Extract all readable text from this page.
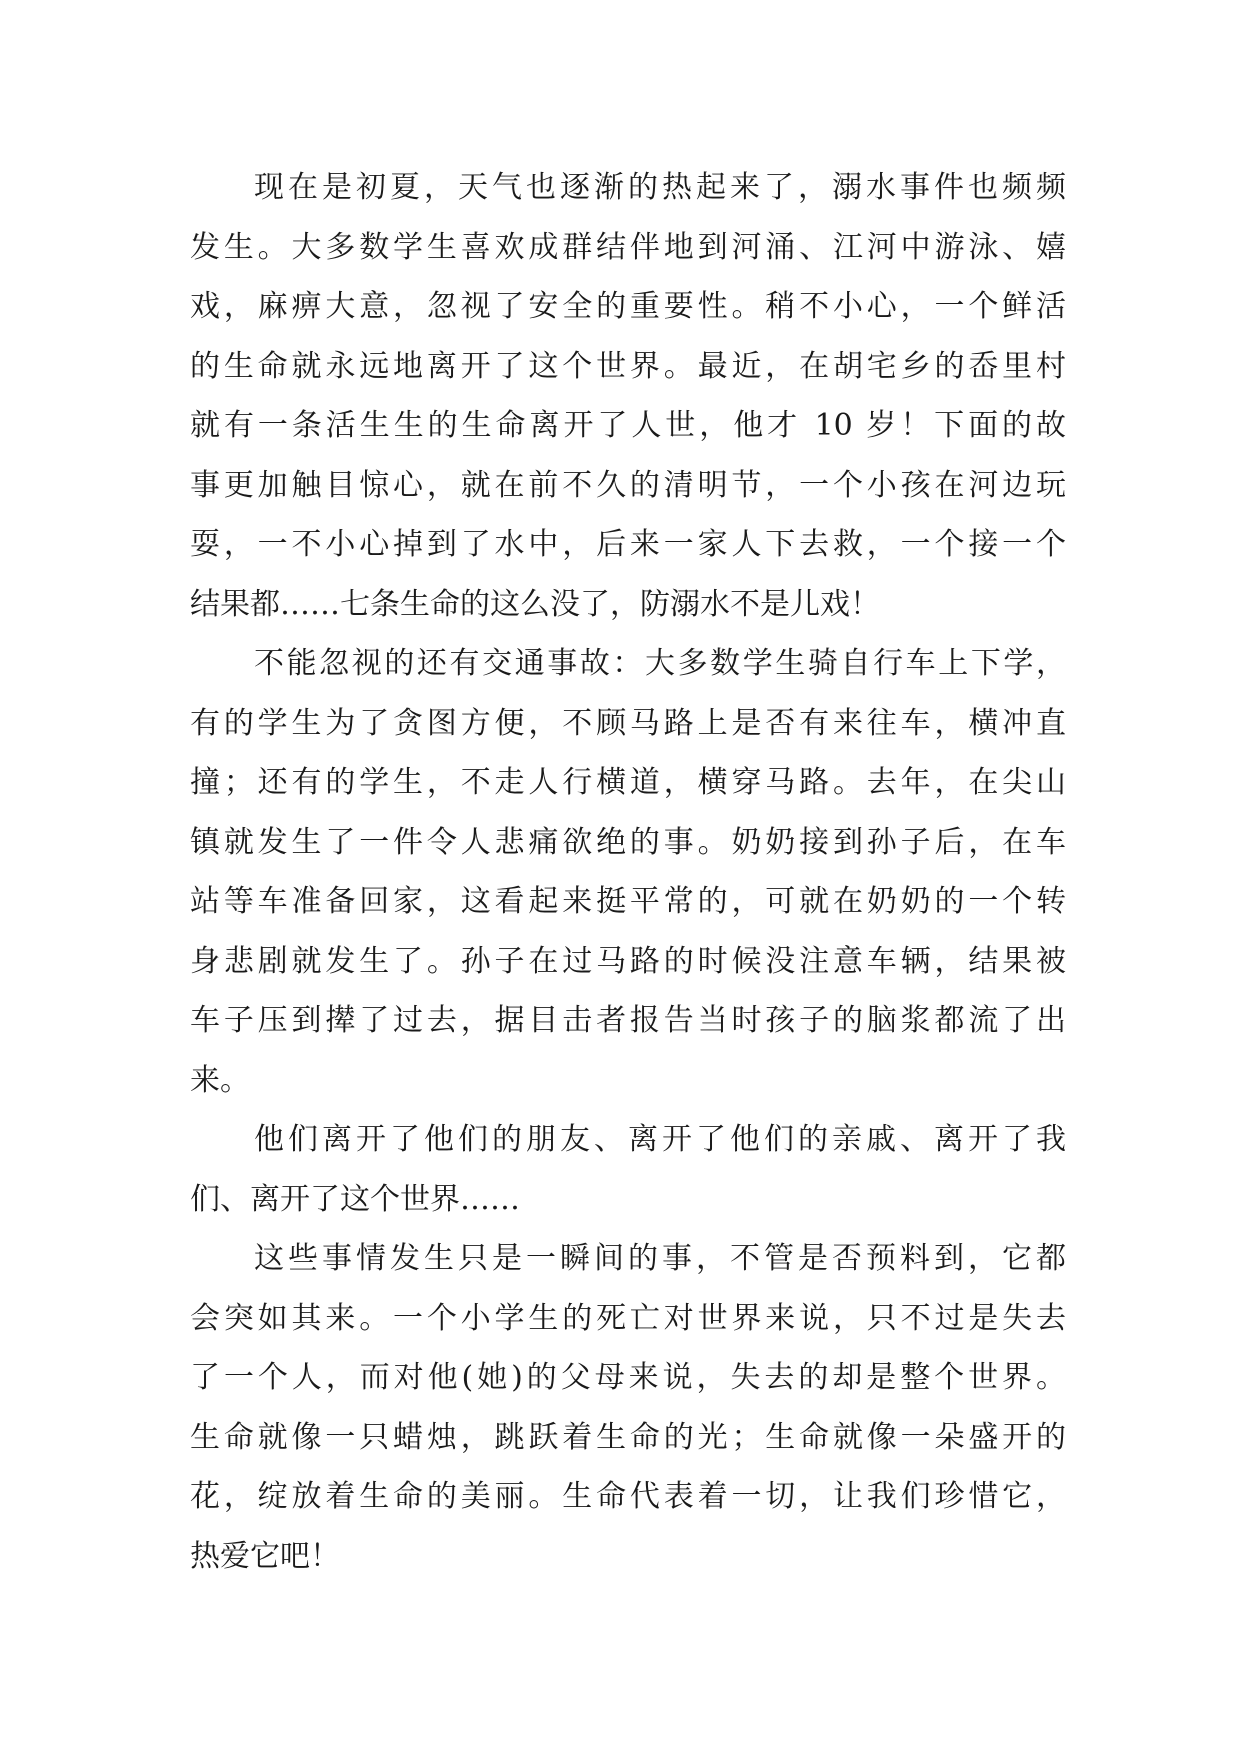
现在是初夏，天气也逐渐的热起来了，溺水事件也频频
发生。大多数学生喜欢成群结伴地到河涌、江河中游泳、嬉
戏，麻痹大意，忽视了安全的重要性。稍不小心，一个鲜活
的生命就永远地离开了这个世界。最近，在胡宅乡的岙里村
就有一条活生生的生命离开了人世，他才 10 岁！下面的故
事更加触目惊心，就在前不久的清明节，一个小孩在河边玩
耍，一不小心掉到了水中，后来一家人下去救，一个接一个
结果都……七条生命的这么没了，防溺水不是儿戏！
不能忽视的还有交通事故：大多数学生骑自行车上下学，
有的学生为了贪图方便，不顾马路上是否有来往车，横冲直
撞；还有的学生，不走人行横道，横穿马路。去年，在尖山
镇就发生了一件令人悲痛欲绝的事。奶奶接到孙子后，在车
站等车准备回家，这看起来挺平常的，可就在奶奶的一个转
身悲剧就发生了。孙子在过马路的时候没注意车辆，结果被
车子压到撵了过去，据目击者报告当时孩子的脑浆都流了出
来。
他们离开了他们的朋友、离开了他们的亲戚、离开了我
们、离开了这个世界……
这些事情发生只是一瞬间的事，不管是否预料到，它都
会突如其来。一个小学生的死亡对世界来说，只不过是失去
了一个人，而对他(她)的父母来说，失去的却是整个世界。
生命就像一只蜡烛，跳跃着生命的光；生命就像一朵盛开的
花，绽放着生命的美丽。生命代表着一切，让我们珍惜它，
热爱它吧！
